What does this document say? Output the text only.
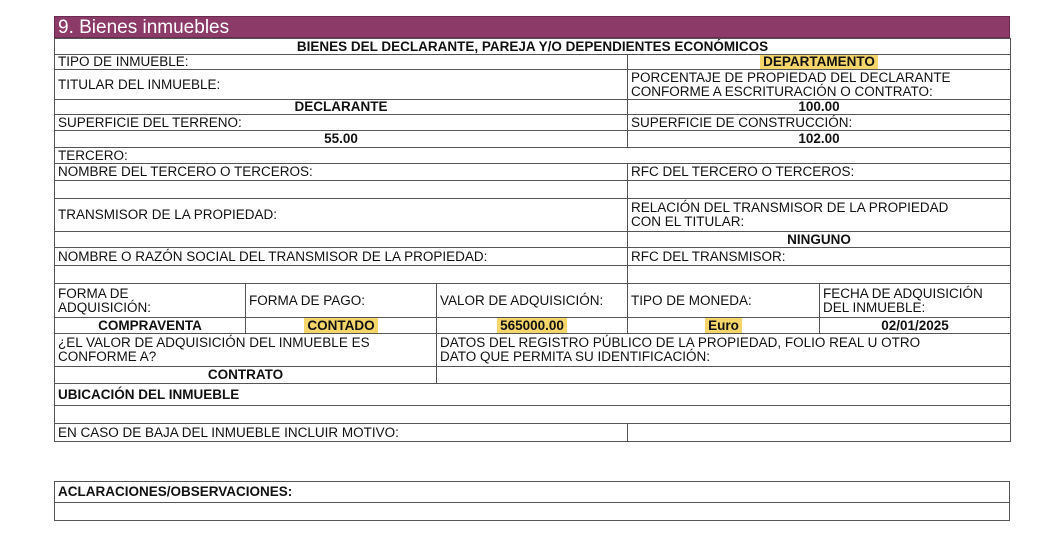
9. Bienes inmuebles
BIENES DEL DECLARANTE, PAREJA Y/O DEPENDIENTES ECONÓMICOS				
TIPO DE INMUEBLE:			DEPARTAMENTO	
TITULAR DEL INMUEBLE:			PORCENTAJE DE PROPIEDAD DEL DECLARANTE
CONFORME A ESCRITURACIÓN O CONTRATO:	
DECLARANTE			100.00	
SUPERFICIE DEL TERRENO:			SUPERFICIE DE CONSTRUCCIÓN:	
55.00			102.00	
TERCERO:				
NOMBRE DEL TERCERO O TERCEROS:			RFC DEL TERCERO O TERCEROS:	

TRANSMISOR DE LA PROPIEDAD:			RELACIÓN DEL TRANSMISOR DE LA PROPIEDAD
CON EL TITULAR:	
			NINGUNO	
NOMBRE O RAZÓN SOCIAL DEL TRANSMISOR DE LA PROPIEDAD:			RFC DEL TRANSMISOR:	

FORMA DE
ADQUISICIÓN:	FORMA DE PAGO:	VALOR DE ADQUISICIÓN:	TIPO DE MONEDA:	FECHA DE ADQUISICIÓN
DEL INMUEBLE:
COMPRAVENTA	CONTADO	565000.00	Euro	02/01/2025
¿EL VALOR DE ADQUISICIÓN DEL INMUEBLE ES
CONFORME A?		DATOS DEL REGISTRO PÚBLICO DE LA PROPIEDAD, FOLIO REAL U OTRO
DATO QUE PERMITA SU IDENTIFICACIÓN:		
CONTRATO				
UBICACIÓN DEL INMUEBLE				

EN CASO DE BAJA DEL INMUEBLE INCLUIR MOTIVO:				
ACLARACIONES/OBSERVACIONES:
